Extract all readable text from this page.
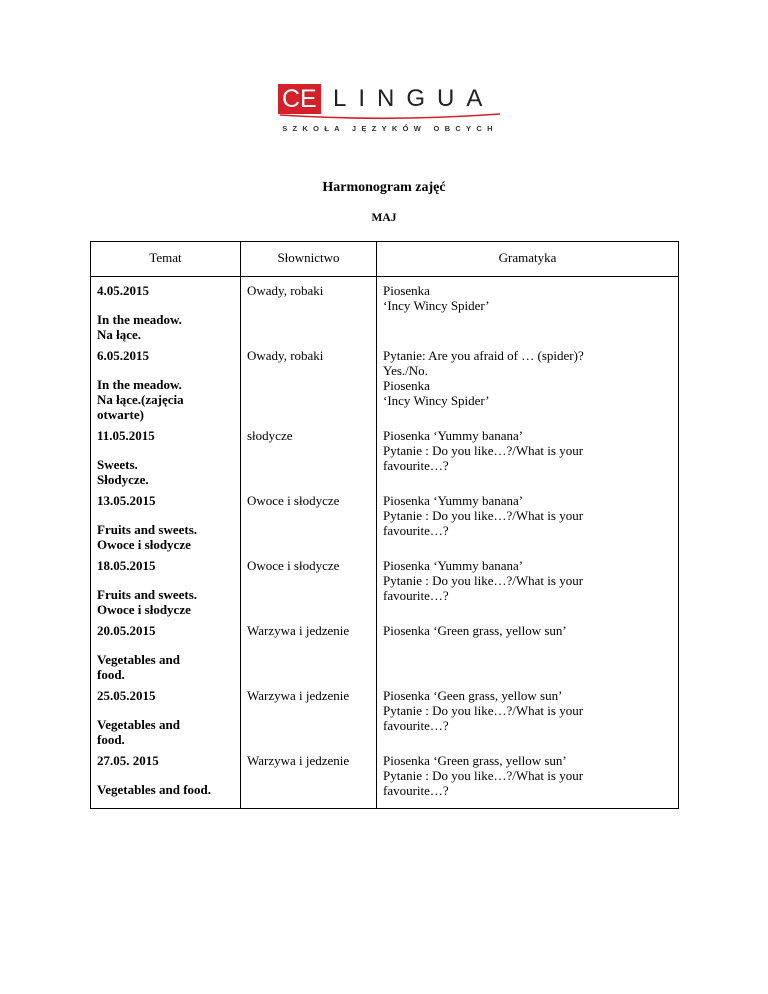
CE LINGUA
SZKOŁA JĘZYKÓW OBCYCH
Harmonogram zajęć
MAJ
Temat	Słownictwo	Gramatyka

4.05.2015
In the meadow.
Na łące.	Owady, robaki	Piosenka
‘Incy Wincy Spider’

6.05.2015
In the meadow.
Na łące.(zajęcia
otwarte)	Owady, robaki	Pytanie: Are you afraid of … (spider)?
Yes./No.
Piosenka
‘Incy Wincy Spider’

11.05.2015
Sweets.
Słodycze.	słodycze	Piosenka ‘Yummy banana’
Pytanie : Do you like…?/What is your
favourite…?

13.05.2015
Fruits and sweets.
Owoce i słodycze	Owoce i słodycze	Piosenka ‘Yummy banana’
Pytanie : Do you like…?/What is your
favourite…?

18.05.2015
Fruits and sweets.
Owoce i słodycze	Owoce i słodycze	Piosenka ‘Yummy banana’
Pytanie : Do you like…?/What is your
favourite…?

20.05.2015
Vegetables and
food.	Warzywa i jedzenie	Piosenka ‘Green grass, yellow sun’

25.05.2015
Vegetables and
food.	Warzywa i jedzenie	Piosenka ‘Geen grass, yellow sun’
Pytanie : Do you like…?/What is your
favourite…?

27.05. 2015
Vegetables and food.	Warzywa i jedzenie	Piosenka ‘Green grass, yellow sun’
Pytanie : Do you like…?/What is your
favourite…?
